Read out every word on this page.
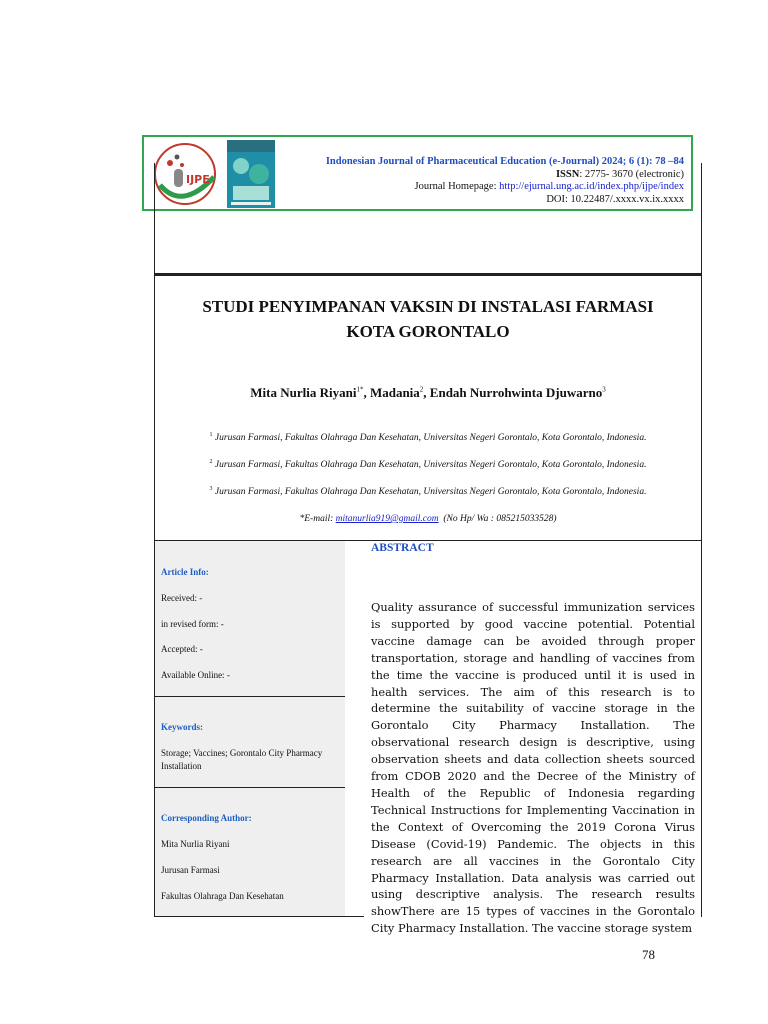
IJPE
Indonesian Journal of Pharmaceutical Education (e-Journal) 2024; 6 (1): 78 –84
ISSN: 2775- 3670 (electronic)
Journal Homepage: http://ejurnal.ung.ac.id/index.php/ijpe/index
DOI: 10.22487/.xxxx.vx.ix.xxxx
STUDI PENYIMPANAN VAKSIN DI INSTALASI FARMASI
KOTA GORONTALO
Mita Nurlia Riyani$^{1*}$, Madania$^2$, Endah Nurrohwinta Djuwarno$^3$
$^1$ Jurusan Farmasi, Fakultas Olahraga Dan Kesehatan, Universitas Negeri Gorontalo, Kota Gorontalo, Indonesia.
$^2$ Jurusan Farmasi, Fakultas Olahraga Dan Kesehatan, Universitas Negeri Gorontalo, Kota Gorontalo, Indonesia.
$^3$ Jurusan Farmasi, Fakultas Olahraga Dan Kesehatan, Universitas Negeri Gorontalo, Kota Gorontalo, Indonesia.
*E-mail: mitanurlia919@gmail.com (No Hp/ Wa : 085215033528)
Article Info:
Received: -
in revised form: -
Accepted: -
Available Online: -
Keywords:
Storage; Vaccines; Gorontalo City Pharmacy Installation
Corresponding Author:
Mita Nurlia Riyani
Jurusan Farmasi
Fakultas Olahraga Dan Kesehatan
ABSTRACT
Quality assurance of successful immunization services is supported by good vaccine potential. Potential vaccine damage can be avoided through proper transportation, storage and handling of vaccines from the time the vaccine is produced until it is used in health services. The aim of this research is to determine the suitability of vaccine storage in the Gorontalo City Pharmacy Installation. The observational research design is descriptive, using observation sheets and data collection sheets sourced from CDOB 2020 and the Decree of the Ministry of Health of the Republic of Indonesia regarding Technical Instructions for Implementing Vaccination in the Context of Overcoming the 2019 Corona Virus Disease (Covid-19) Pandemic. The objects in this research are all vaccines in the Gorontalo City Pharmacy Installation. Data analysis was carried out using descriptive analysis. The research results showThere are 15 types of vaccines in the Gorontalo City Pharmacy Installation. The vaccine storage system
78
